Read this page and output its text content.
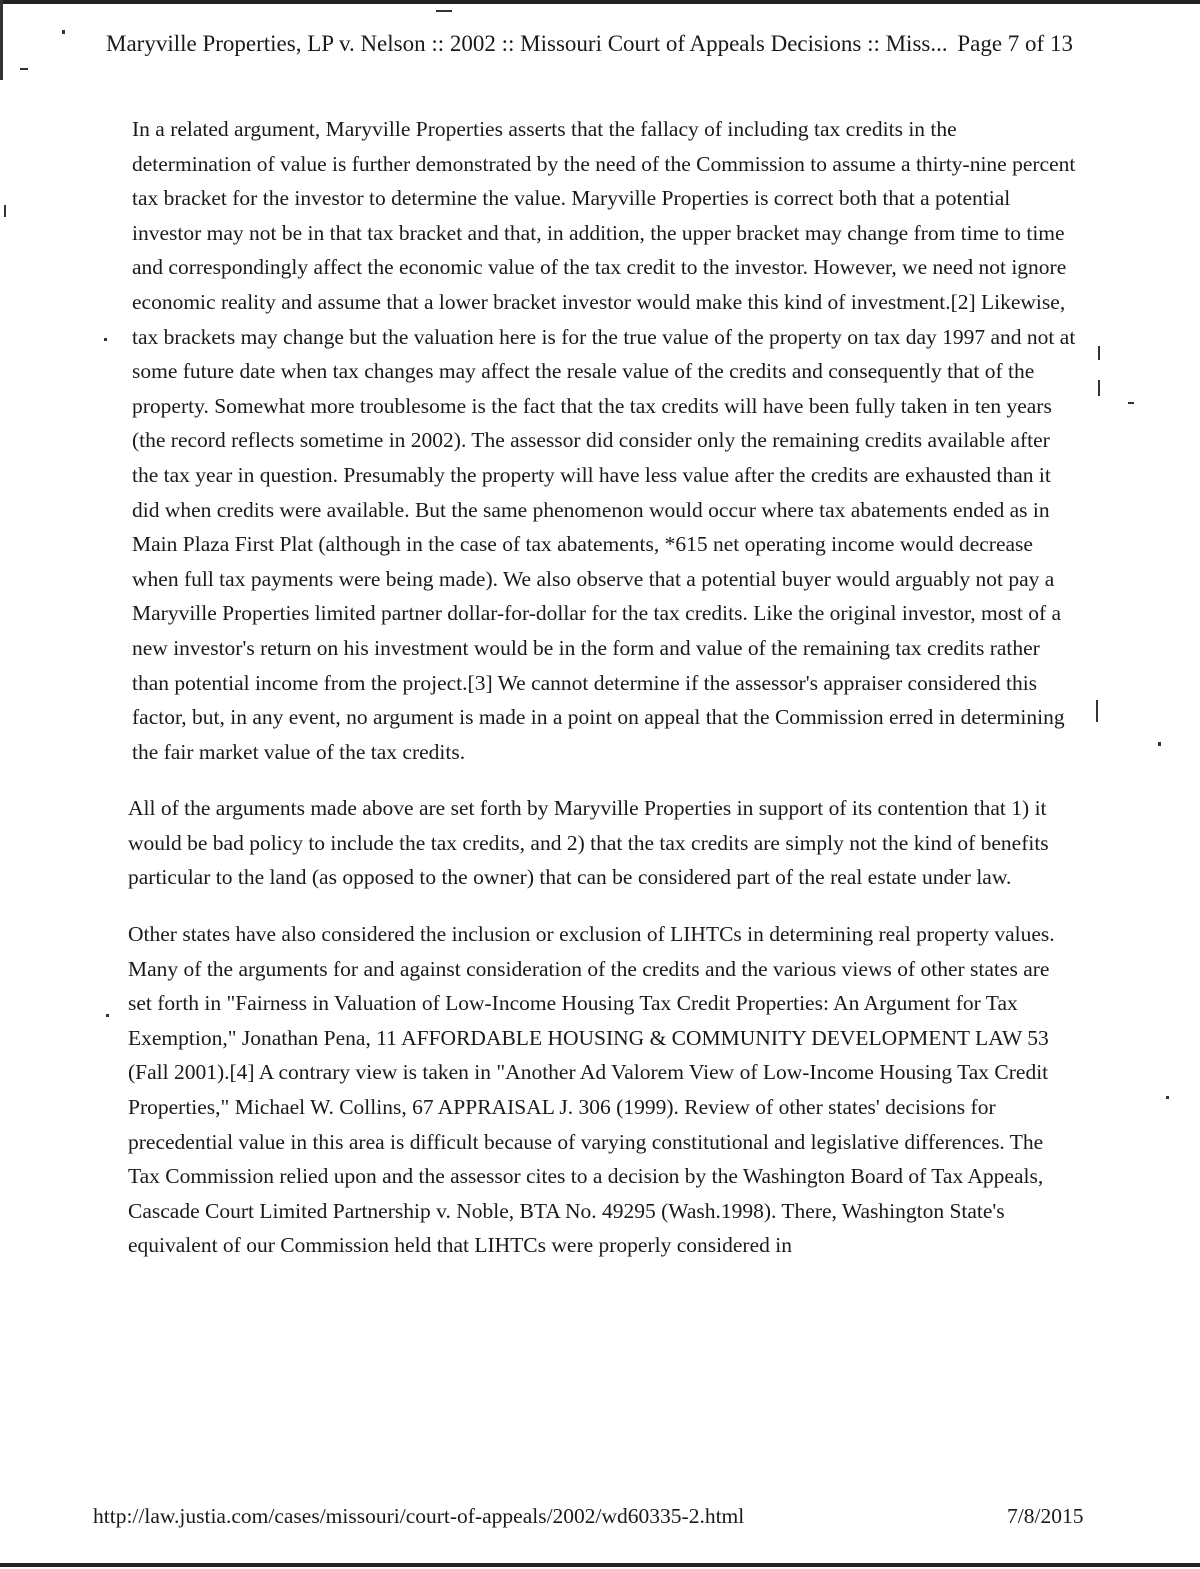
Maryville Properties, LP v. Nelson :: 2002 :: Missouri Court of Appeals Decisions :: Miss... Page 7 of 13

In a related argument, Maryville Properties asserts that the fallacy of including tax credits in the determination of value is further demonstrated by the need of the Commission to assume a thirty-nine percent tax bracket for the investor to determine the value. Maryville Properties is correct both that a potential investor may not be in that tax bracket and that, in addition, the upper bracket may change from time to time and correspondingly affect the economic value of the tax credit to the investor. However, we need not ignore economic reality and assume that a lower bracket investor would make this kind of investment.[2] Likewise, tax brackets may change but the valuation here is for the true value of the property on tax day 1997 and not at some future date when tax changes may affect the resale value of the credits and consequently that of the property. Somewhat more troublesome is the fact that the tax credits will have been fully taken in ten years (the record reflects sometime in 2002). The assessor did consider only the remaining credits available after the tax year in question. Presumably the property will have less value after the credits are exhausted than it did when credits were available. But the same phenomenon would occur where tax abatements ended as in Main Plaza First Plat (although in the case of tax abatements, *615 net operating income would decrease when full tax payments were being made). We also observe that a potential buyer would arguably not pay a Maryville Properties limited partner dollar-for-dollar for the tax credits. Like the original investor, most of a new investor's return on his investment would be in the form and value of the remaining tax credits rather than potential income from the project.[3] We cannot determine if the assessor's appraiser considered this factor, but, in any event, no argument is made in a point on appeal that the Commission erred in determining the fair market value of the tax credits.

All of the arguments made above are set forth by Maryville Properties in support of its contention that 1) it would be bad policy to include the tax credits, and 2) that the tax credits are simply not the kind of benefits particular to the land (as opposed to the owner) that can be considered part of the real estate under law.

Other states have also considered the inclusion or exclusion of LIHTCs in determining real property values. Many of the arguments for and against consideration of the credits and the various views of other states are set forth in "Fairness in Valuation of Low-Income Housing Tax Credit Properties: An Argument for Tax Exemption," Jonathan Pena, 11 AFFORDABLE HOUSING & COMMUNITY DEVELOPMENT LAW 53 (Fall 2001).[4] A contrary view is taken in "Another Ad Valorem View of Low-Income Housing Tax Credit Properties," Michael W. Collins, 67 APPRAISAL J. 306 (1999). Review of other states' decisions for precedential value in this area is difficult because of varying constitutional and legislative differences. The Tax Commission relied upon and the assessor cites to a decision by the Washington Board of Tax Appeals, Cascade Court Limited Partnership v. Noble, BTA No. 49295 (Wash.1998). There, Washington State's equivalent of our Commission held that LIHTCs were properly considered in

http://law.justia.com/cases/missouri/court-of-appeals/2002/wd60335-2.html	7/8/2015
